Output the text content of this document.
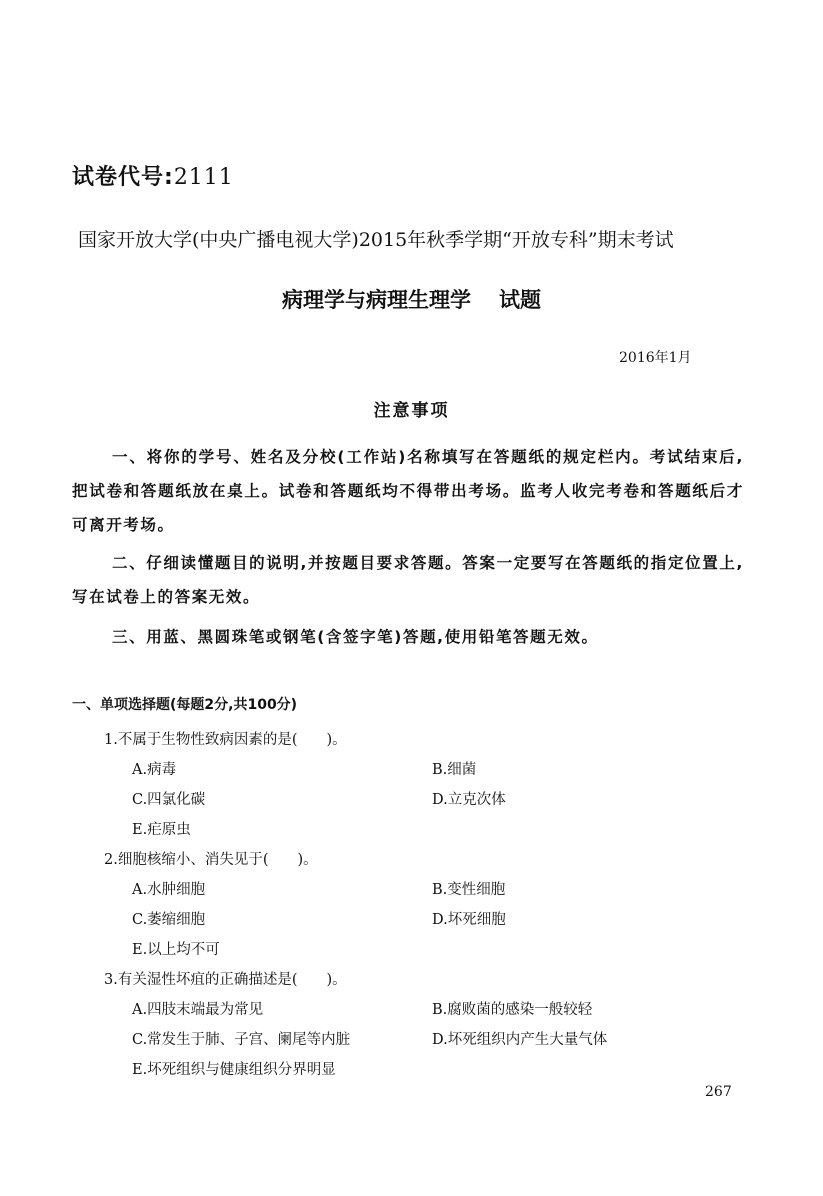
试卷代号:2111
国家开放大学(中央广播电视大学)2015年秋季学期“开放专科”期末考试
病理学与病理生理学 试题
2016年1月
注意事项
一、将你的学号、姓名及分校(工作站)名称填写在答题纸的规定栏内。考试结束后,把试卷和答题纸放在桌上。试卷和答题纸均不得带出考场。监考人收完考卷和答题纸后才可离开考场。
二、仔细读懂题目的说明,并按题目要求答题。答案一定要写在答题纸的指定位置上,写在试卷上的答案无效。
三、用蓝、黑圆珠笔或钢笔(含签字笔)答题,使用铅笔答题无效。
一、单项选择题(每题2分,共100分)
1.不属于生物性致病因素的是(　　)。
A.病毒	B.细菌
C.四氯化碳	D.立克次体
E.疟原虫
2.细胞核缩小、消失见于(　　)。
A.水肿细胞	B.变性细胞
C.萎缩细胞	D.坏死细胞
E.以上均不可
3.有关湿性坏疽的正确描述是(　　)。
A.四肢末端最为常见	B.腐败菌的感染一般较轻
C.常发生于肺、子宫、阑尾等内脏	D.坏死组织内产生大量气体
E.坏死组织与健康组织分界明显
267
